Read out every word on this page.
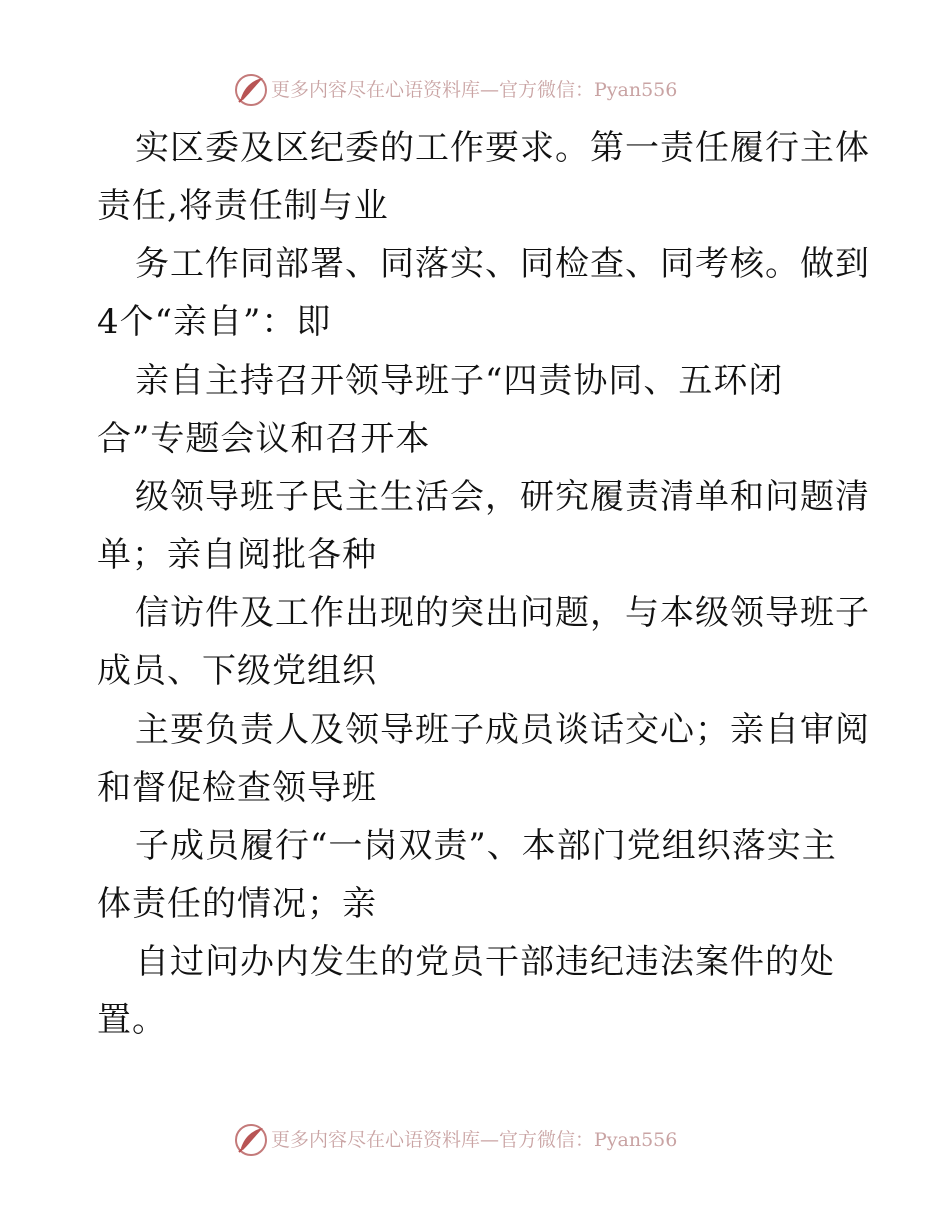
更多内容尽在心语资料库—官方微信：Pyan556
实区委及区纪委的工作要求。第一责任履行主体
责任,将责任制与业
务工作同部署、同落实、同检查、同考核。做到
4个“亲自”：即
亲自主持召开领导班子“四责协同、五环闭
合”专题会议和召开本
级领导班子民主生活会，研究履责清单和问题清
单；亲自阅批各种
信访件及工作出现的突出问题，与本级领导班子
成员、下级党组织
主要负责人及领导班子成员谈话交心；亲自审阅
和督促检查领导班
子成员履行“一岗双责”、本部门党组织落实主
体责任的情况；亲
自过问办内发生的党员干部违纪违法案件的处
置。
更多内容尽在心语资料库—官方微信：Pyan556
